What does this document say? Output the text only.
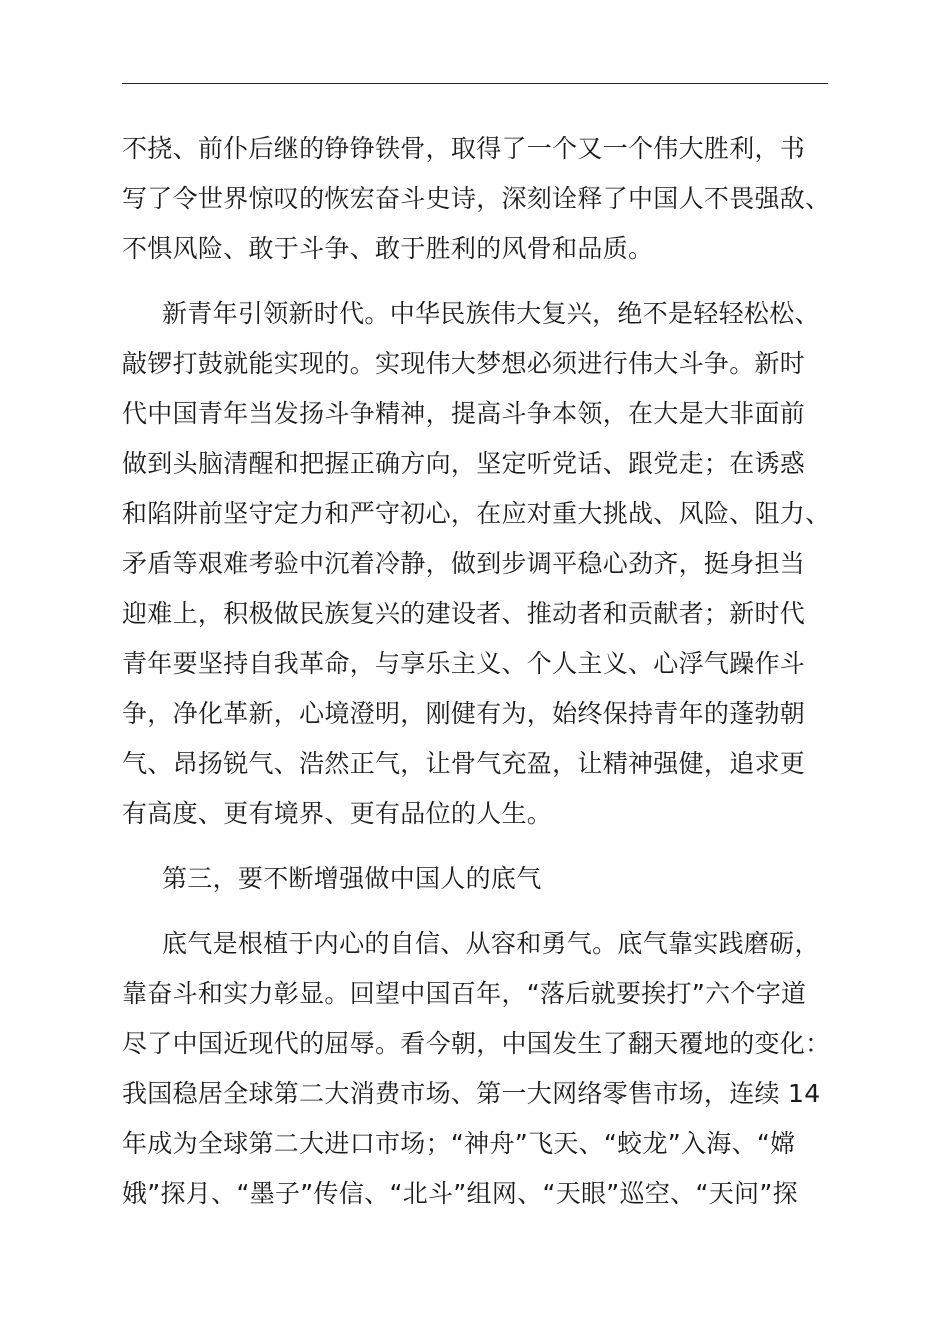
不挠、前仆后继的铮铮铁骨，取得了一个又一个伟大胜利，书
写了令世界惊叹的恢宏奋斗史诗，深刻诠释了中国人不畏强敌、
不惧风险、敢于斗争、敢于胜利的风骨和品质。
新青年引领新时代。中华民族伟大复兴，绝不是轻轻松松、
敲锣打鼓就能实现的。实现伟大梦想必须进行伟大斗争。新时
代中国青年当发扬斗争精神，提高斗争本领，在大是大非面前
做到头脑清醒和把握正确方向，坚定听党话、跟党走；在诱惑
和陷阱前坚守定力和严守初心，在应对重大挑战、风险、阻力、
矛盾等艰难考验中沉着冷静，做到步调平稳心劲齐，挺身担当
迎难上，积极做民族复兴的建设者、推动者和贡献者；新时代
青年要坚持自我革命，与享乐主义、个人主义、心浮气躁作斗
争，净化革新，心境澄明，刚健有为，始终保持青年的蓬勃朝
气、昂扬锐气、浩然正气，让骨气充盈，让精神强健，追求更
有高度、更有境界、更有品位的人生。
第三，要不断增强做中国人的底气
底气是根植于内心的自信、从容和勇气。底气靠实践磨砺，
靠奋斗和实力彰显。回望中国百年，“落后就要挨打”六个字道
尽了中国近现代的屈辱。看今朝，中国发生了翻天覆地的变化：
我国稳居全球第二大消费市场、第一大网络零售市场，连续 14
年成为全球第二大进口市场；“神舟”飞天、“蛟龙”入海、“嫦
娥”探月、“墨子”传信、“北斗”组网、“天眼”巡空、“天问”探
